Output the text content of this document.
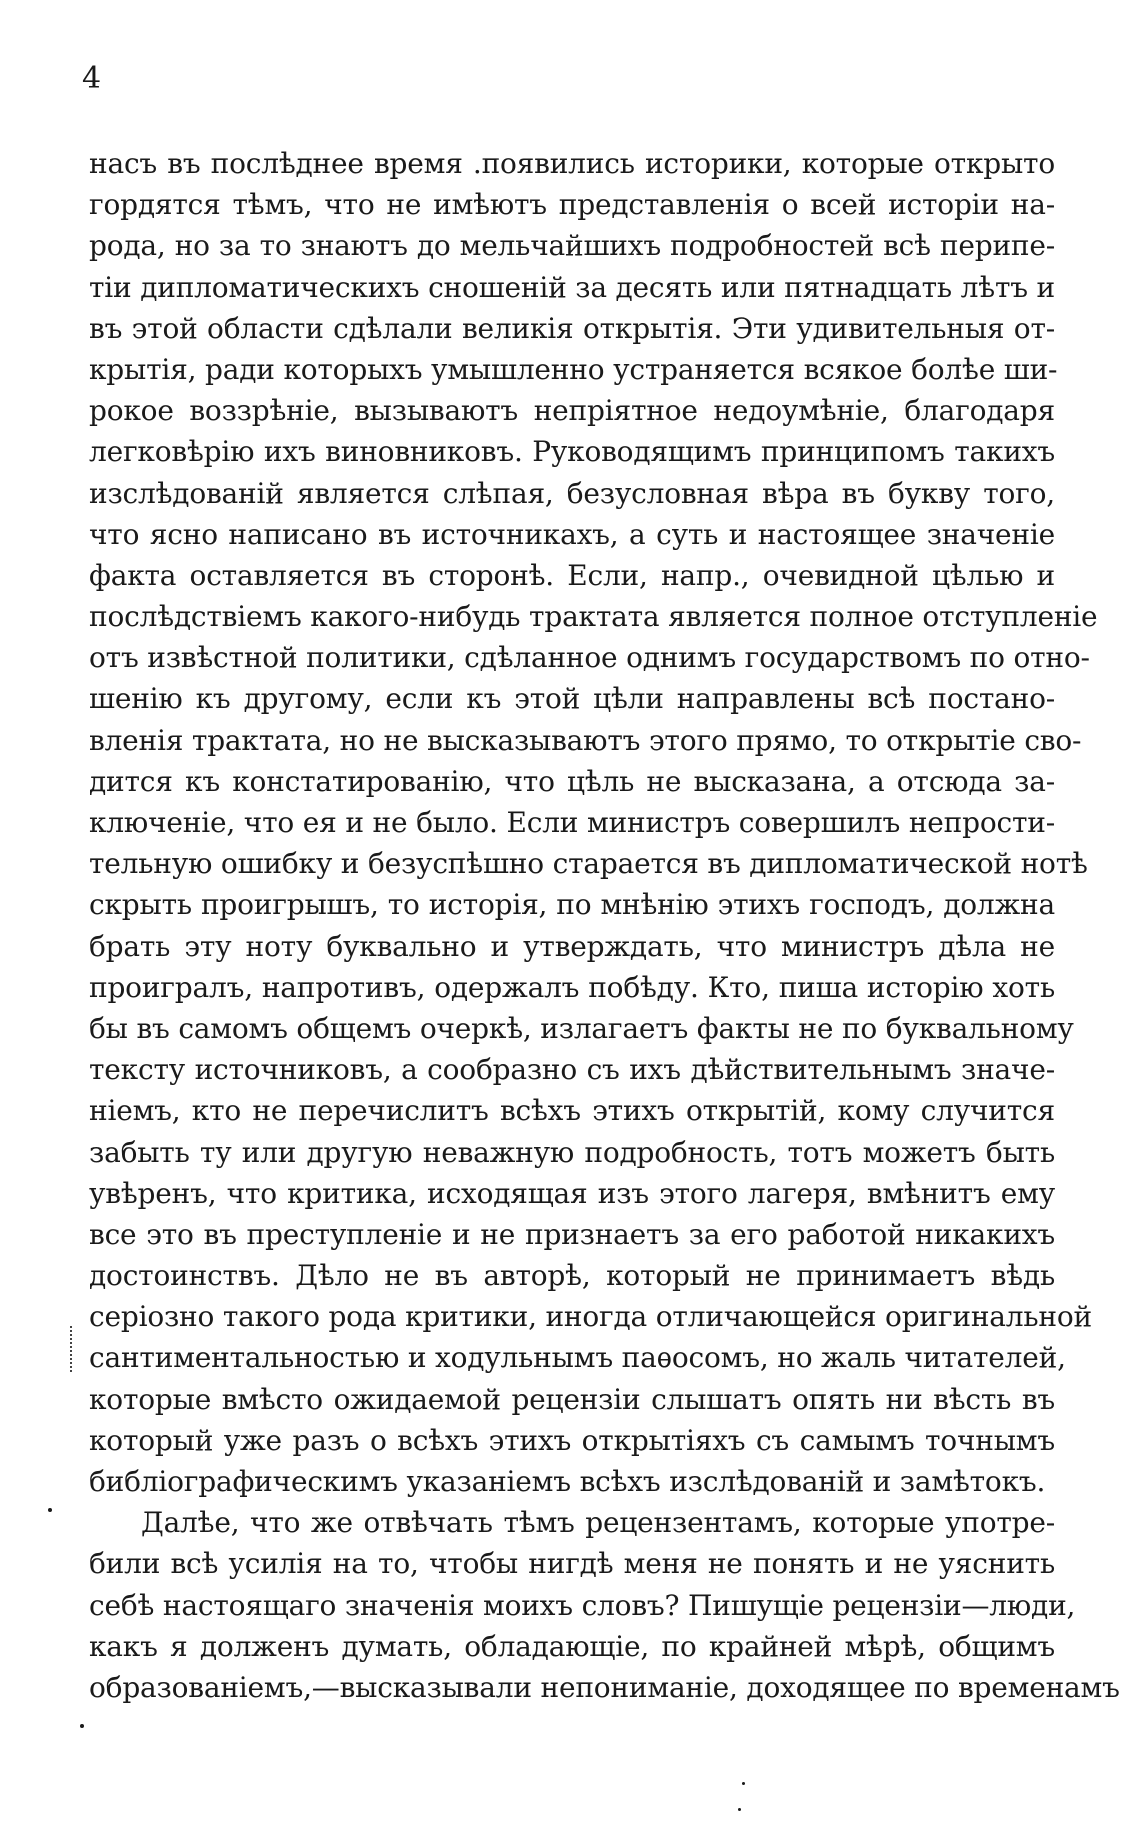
4
насъ въ послѣднее время .появились историки, которые открыто
гордятся тѣмъ, что не имѣютъ представленія о всей исторіи на-
рода, но за то знаютъ до мельчайшихъ подробностей всѣ перипе-
тіи дипломатическихъ сношеній за десять или пятнадцать лѣтъ и
въ этой области сдѣлали великія открытія. Эти удивительныя от-
крытія, ради которыхъ умышленно устраняется всякое болѣе ши-
рокое воззрѣніе, вызываютъ непріятное недоумѣніе, благодаря
легковѣрію ихъ виновниковъ. Руководящимъ принципомъ такихъ
изслѣдованій является слѣпая, безусловная вѣра въ букву того,
что ясно написано въ источникахъ, а суть и настоящее значеніе
факта оставляется въ сторонѣ. Если, напр., очевидной цѣлью и
послѣдствіемъ какого-нибудь трактата является полное отступленіе
отъ извѣстной политики, сдѣланное однимъ государствомъ по отно-
шенію къ другому, если къ этой цѣли направлены всѣ постано-
вленія трактата, но не высказываютъ этого прямо, то открытіе сво-
дится къ констатированію, что цѣль не высказана, а отсюда за-
ключеніе, что ея и не было. Если министръ совершилъ непрости-
тельную ошибку и безуспѣшно старается въ дипломатической нотѣ
скрыть проигрышъ, то исторія, по мнѣнію этихъ господъ, должна
брать эту ноту буквально и утверждать, что министръ дѣла не
проигралъ, напротивъ, одержалъ побѣду. Кто, пиша исторію хоть
бы въ самомъ общемъ очеркѣ, излагаетъ факты не по буквальному
тексту источниковъ, а сообразно съ ихъ дѣйствительнымъ значе-
ніемъ, кто не перечислитъ всѣхъ этихъ открытій, кому случится
забыть ту или другую неважную подробность, тотъ можетъ быть
увѣренъ, что критика, исходящая изъ этого лагеря, вмѣнитъ ему
все это въ преступленіе и не признаетъ за его работой никакихъ
достоинствъ. Дѣло не въ авторѣ, который не принимаетъ вѣдь
серіозно такого рода критики, иногда отличающейся оригинальной
сантиментальностью и ходульнымъ паѳосомъ, но жаль читателей,
которые вмѣсто ожидаемой рецензіи слышатъ опять ни вѣсть въ
который уже разъ о всѣхъ этихъ открытіяхъ съ самымъ точнымъ
библіографическимъ указаніемъ всѣхъ изслѣдованій и замѣтокъ.
Далѣе, что же отвѣчать тѣмъ рецензентамъ, которые употре-
били всѣ усилія на то, чтобы нигдѣ меня не понять и не уяснить
себѣ настоящаго значенія моихъ словъ? Пишущіе рецензіи—люди,
какъ я долженъ думать, обладающіе, по крайней мѣрѣ, общимъ
образованіемъ,—высказывали непониманіе, доходящее по временамъ
